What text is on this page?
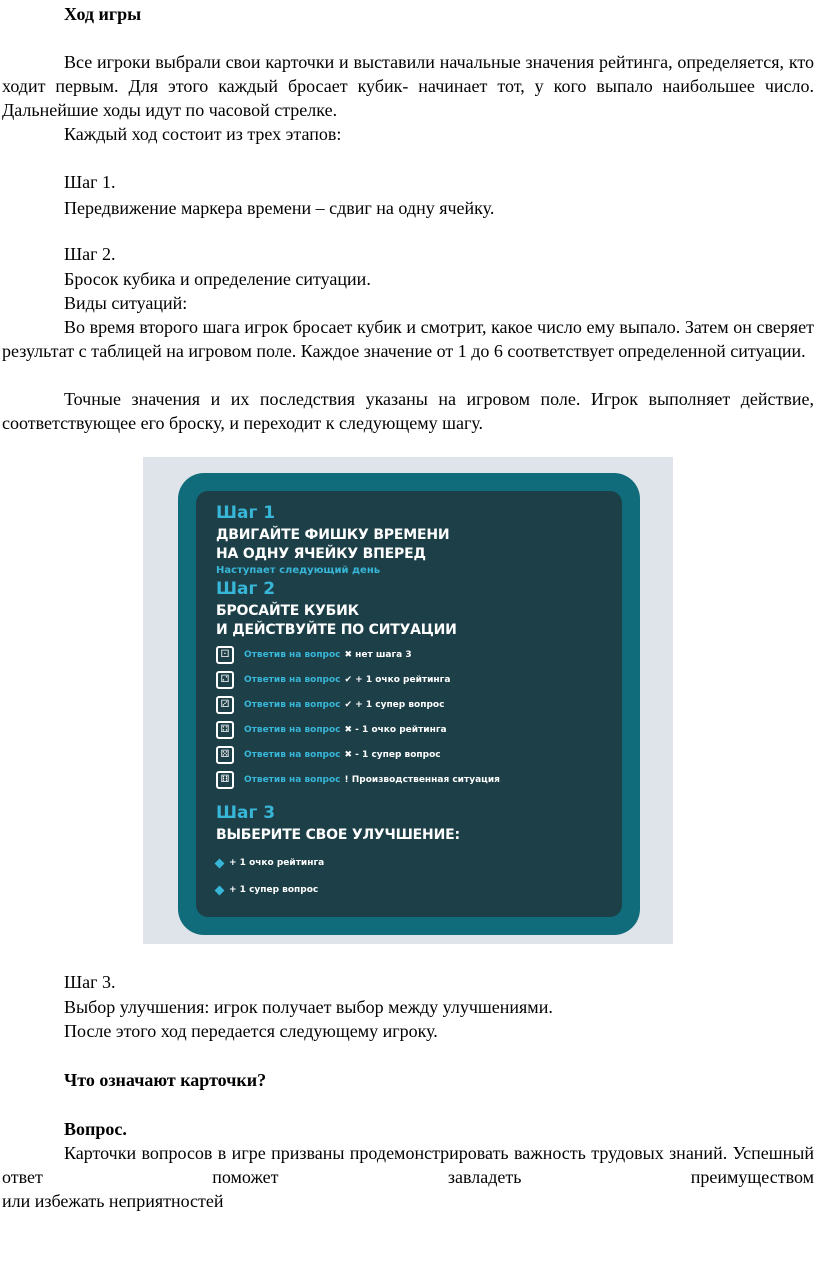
Ход игры

Все игроки выбрали свои карточки и выставили начальные значения рейтинга, определяется, кто ходит первым. Для этого каждый бросает кубик- начинает тот, у кого выпало наибольшее число. Дальнейшие ходы идут по часовой стрелке.

Каждый ход состоит из трех этапов:

Шаг 1.

Передвижение маркера времени – сдвиг на одну ячейку.

Шаг 2.

Бросок кубика и определение ситуации.

Виды ситуаций:

Во время второго шага игрок бросает кубик и смотрит, какое число ему выпало. Затем он сверяет результат с таблицей на игровом поле. Каждое значение от 1 до 6 соответствует определенной ситуации.

Точные значения и их последствия указаны на игровом поле. Игрок выполняет действие, соответствующее его броску, и переходит к следующему шагу.

Шаг 1
ДВИГАЙТЕ ФИШКУ ВРЕМЕНИ
НА ОДНУ ЯЧЕЙКУ ВПЕРЕД
Наступает следующий день
Шаг 2
БРОСАЙТЕ КУБИК
И ДЕЙСТВУЙТЕ ПО СИТУАЦИИ
⚀	Ответив на вопрос ✖ нет шага 3
⚁	Ответив на вопрос ✔ + 1 очко рейтинга
⚂	Ответив на вопрос ✔ + 1 супер вопрос
⚃	Ответив на вопрос ✖ - 1 очко рейтинга
⚄	Ответив на вопрос ✖ - 1 супер вопрос
⚅	Ответив на вопрос ! Производственная ситуация
Шаг 3
ВЫБЕРИТЕ СВОЕ УЛУЧШЕНИЕ:
+ 1 очко рейтинга
+ 1 супер вопрос

Шаг 3.

Выбор улучшения: игрок получает выбор между улучшениями.

После этого ход передается следующему игроку.

Что означают карточки?

Вопрос.

Карточки вопросов в игре призваны продемонстрировать важность трудовых знаний. Успешный ответ поможет завладеть преимуществом

или избежать неприятностей
